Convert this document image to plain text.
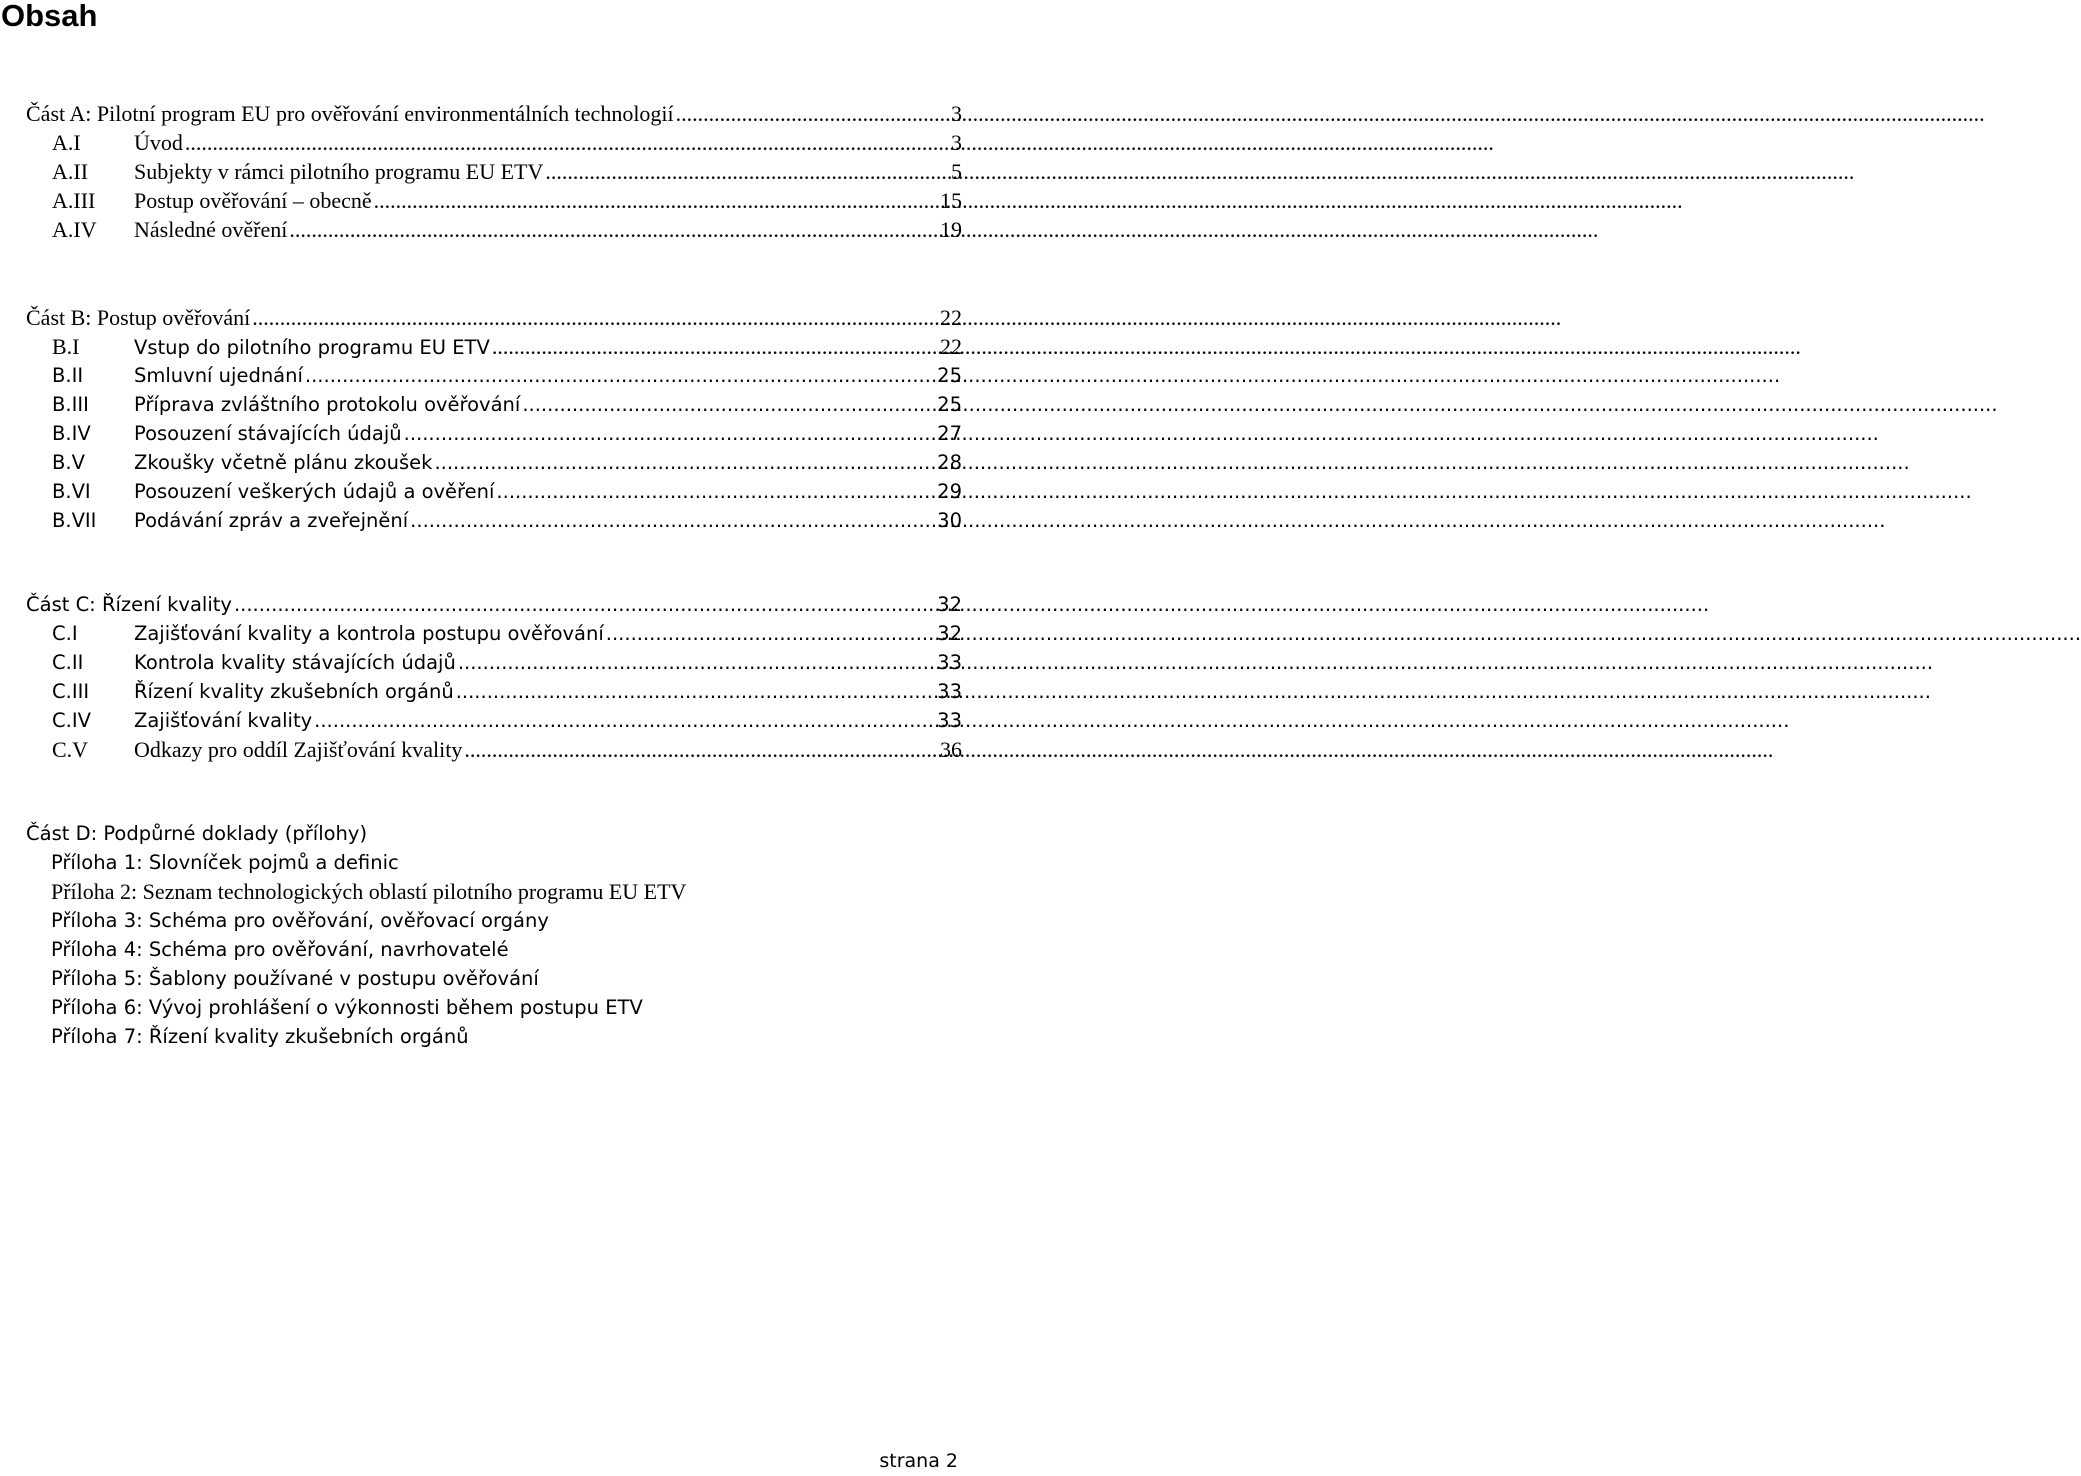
Obsah
Část A: Pilotní program EU pro ověřování environmentálních technologií .....	3
A.I	Úvod .....	3
A.II	Subjekty v rámci pilotního programu EU ETV .....	5
A.III	Postup ověřování – obecně .....	15
A.IV	Následné ověření .....	19
Část B: Postup ověřování .....	22
B.I	Vstup do pilotního programu EU ETV .....	22
B.II	Smluvní ujednání .....	25
B.III	Příprava zvláštního protokolu ověřování .....	25
B.IV	Posouzení stávajících údajů .....	27
B.V	Zkoušky včetně plánu zkoušek .....	28
B.VI	Posouzení veškerých údajů a ověření .....	29
B.VII	Podávání zpráv a zveřejnění .....	30
Část C: Řízení kvality .....	32
C.I	Zajišťování kvality a kontrola postupu ověřování .....	32
C.II	Kontrola kvality stávajících údajů .....	33
C.III	Řízení kvality zkušebních orgánů .....	33
C.IV	Zajišťování kvality .....	33
C.V	Odkazy pro oddíl Zajišťování kvality .....	36
Část D: Podpůrné doklady (přílohy)
Příloha 1: Slovníček pojmů a definic
Příloha 2: Seznam technologických oblastí pilotního programu EU ETV
Příloha 3: Schéma pro ověřování, ověřovací orgány
Příloha 4: Schéma pro ověřování, navrhovatelé
Příloha 5: Šablony používané v postupu ověřování
Příloha 6: Vývoj prohlášení o výkonnosti během postupu ETV
Příloha 7: Řízení kvality zkušebních orgánů
strana 2
